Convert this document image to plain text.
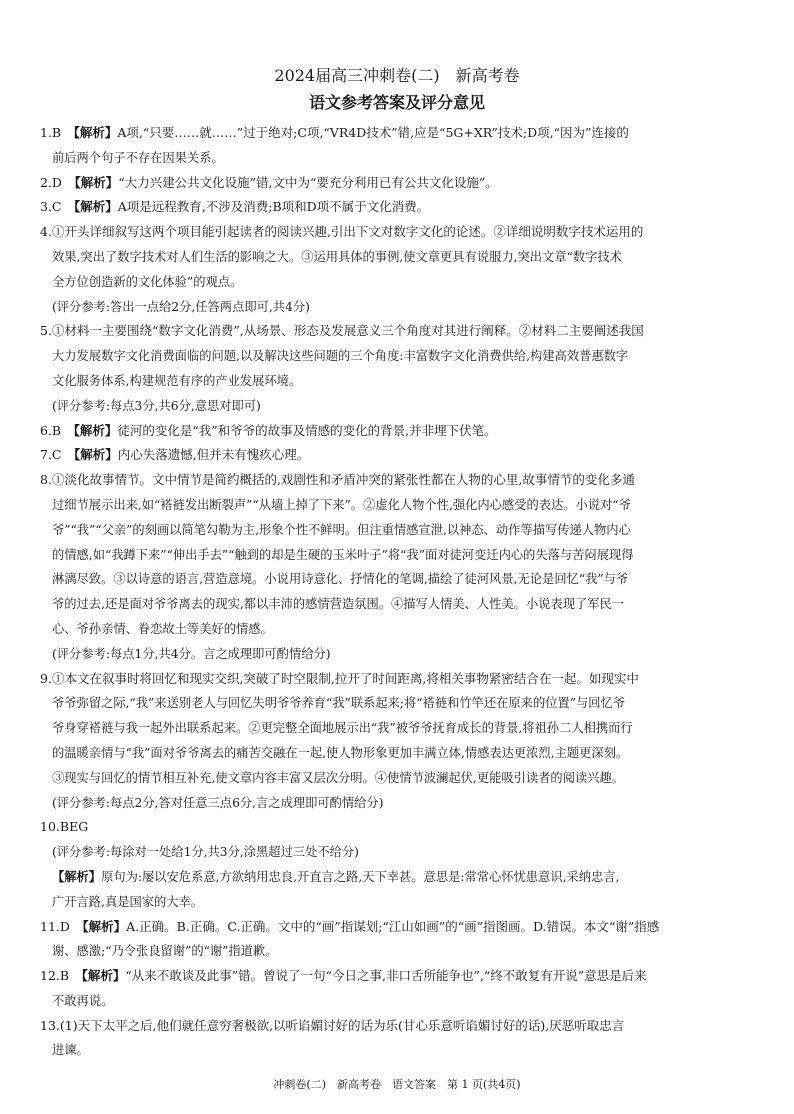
2024届高三冲刺卷(二)　新高考卷
语文参考答案及评分意见
1.B　【解析】A项,“只要……就……”过于绝对;C项,“VR4D技术”错,应是“5G+XR”技术;D项,“因为”连接的
前后两个句子不存在因果关系。
2.D　【解析】“大力兴建公共文化设施”错,文中为“要充分利用已有公共文化设施”。
3.C　【解析】A项是远程教育,不涉及消费;B项和D项不属于文化消费。
4.①开头详细叙写这两个项目能引起读者的阅读兴趣,引出下文对数字文化的论述。②详细说明数字技术运用的
效果,突出了数字技术对人们生活的影响之大。③运用具体的事例,使文章更具有说服力,突出文章“数字技术
全方位创造新的文化体验”的观点。
(评分参考:答出一点给2分,任答两点即可,共4分)
5.①材料一主要围绕“数字文化消费”,从场景、形态及发展意义三个角度对其进行阐释。②材料二主要阐述我国
大力发展数字文化消费面临的问题,以及解决这些问题的三个角度:丰富数字文化消费供给,构建高效普惠数字
文化服务体系,构建规范有序的产业发展环境。
(评分参考:每点3分,共6分,意思对即可)
6.B　【解析】徒河的变化是“我”和爷爷的故事及情感的变化的背景,并非埋下伏笔。
7.C　【解析】内心失落遗憾,但并未有愧疚心理。
8.①淡化故事情节。文中情节是简约概括的,戏剧性和矛盾冲突的紧张性都在人物的心里,故事情节的变化多通
过细节展示出来,如“褡裢发出断裂声”“从墙上掉了下来”。②虚化人物个性,强化内心感受的表达。小说对“爷
爷”“我”“父亲”的刻画以简笔勾勒为主,形象个性不鲜明。但注重情感宣泄,以神态、动作等描写传递人物内心
的情感,如“我蹲下来”“伸出手去”“触到的却是生硬的玉米叶子”将“我”面对徒河变迁内心的失落与苦闷展现得
淋漓尽致。③以诗意的语言,营造意境。小说用诗意化、抒情化的笔调,描绘了徒河风景,无论是回忆“我”与爷
爷的过去,还是面对爷爷离去的现实,都以丰沛的感情营造氛围。④描写人情美、人性美。小说表现了军民一
心、爷孙亲情、眷恋故土等美好的情感。
(评分参考:每点1分,共4分。言之成理即可酌情给分)
9.①本文在叙事时将回忆和现实交织,突破了时空限制,拉开了时间距离,将相关事物紧密结合在一起。如现实中
爷爷弥留之际,“我”来送别老人与回忆失明爷爷养育“我”联系起来;将“褡裢和竹竿还在原来的位置”与回忆爷
爷身穿褡裢与我一起外出联系起来。②更完整全面地展示出“我”被爷爷抚育成长的背景,将祖孙二人相携而行
的温暖亲情与“我”面对爷爷离去的痛苦交融在一起,使人物形象更加丰满立体,情感表达更浓烈,主题更深刻。
③现实与回忆的情节相互补充,使文章内容丰富又层次分明。④使情节波澜起伏,更能吸引读者的阅读兴趣。
(评分参考:每点2分,答对任意三点6分,言之成理即可酌情给分)
10.BEG
(评分参考:每涂对一处给1分,共3分,涂黑超过三处不给分)
【解析】原句为:屡以安危系意,方欲纳用忠良,开直言之路,天下幸甚。意思是:常常心怀忧患意识,采纳忠言,
广开言路,真是国家的大幸。
11.D　【解析】A.正确。B.正确。C.正确。文中的“画”指谋划;“江山如画”的“画”指图画。D.错误。本文“谢”指感
谢、感激;“乃令张良留谢”的“谢”指道歉。
12.B　【解析】“从来不敢谈及此事”错。曾说了一句“今日之事,非口舌所能争也”,“终不敢复有开说”意思是后来
不敢再说。
13.(1)天下太平之后,他们就任意穷奢极欲,以听谄媚讨好的话为乐(甘心乐意听谄媚讨好的话),厌恶听取忠言
进谏。
冲刺卷(二)　新高考卷　语文答案　第 1 页(共4页)
